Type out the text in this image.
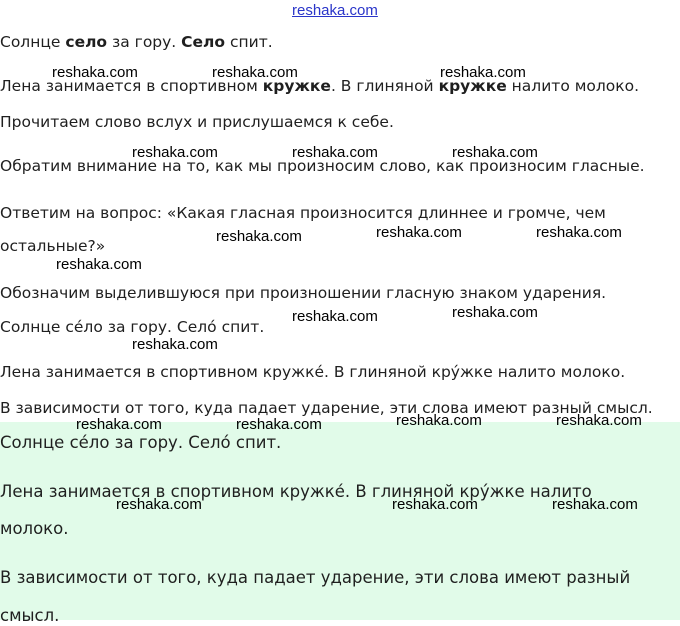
reshaka.com
Солнце село за гору. Село спит.
Лена занимается в спортивном кружке. В глиняной кружке налито молоко.
Прочитаем слово вслух и прислушаемся к себе.
Обратим внимание на то, как мы произносим слово, как произносим гласные.
Ответим на вопрос: «Какая гласная произносится длиннее и громче, чем
остальные?»
Обозначим выделившуюся при произношении гласную знаком ударения.
Солнце се́ло за гору. Село́ спит.
Лена занимается в спортивном кружке́. В глиняной кру́жке налито молоко.
В зависимости от того, куда падает ударение, эти слова имеют разный смысл.
Солнце се́ло за гору. Село́ спит.
Лена занимается в спортивном кружке́. В глиняной кру́жке налито
молоко.
В зависимости от того, куда падает ударение, эти слова имеют разный
смысл.
reshaka.com	reshaka.com	reshaka.com
reshaka.com	reshaka.com	reshaka.com
reshaka.com	reshaka.com	reshaka.com
reshaka.com
reshaka.com	reshaka.com
reshaka.com
reshaka.com	reshaka.com	reshaka.com	reshaka.com
reshaka.com	reshaka.com	reshaka.com
